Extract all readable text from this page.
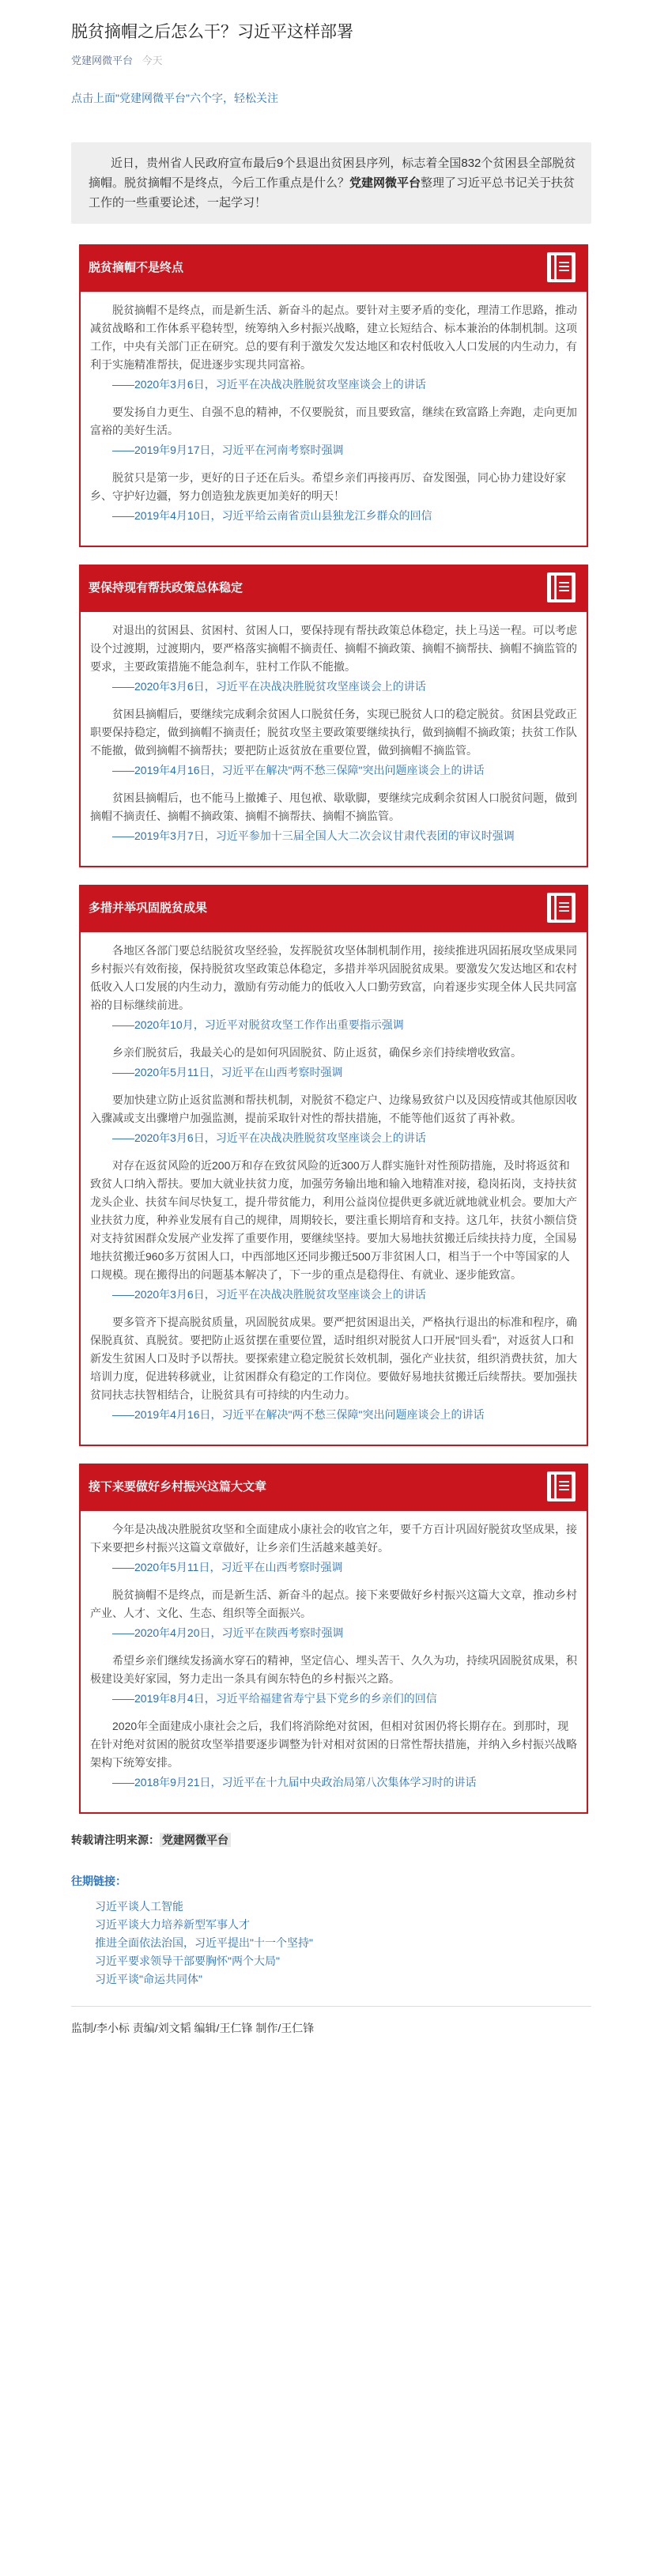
脱贫摘帽之后怎么干？习近平这样部署
党建网微平台 今天
点击上面"党建网微平台"六个字，轻松关注
近日，贵州省人民政府宣布最后9个县退出贫困县序列，标志着全国832个贫困县全部脱贫摘帽。脱贫摘帽不是终点，今后工作重点是什么？党建网微平台整理了习近平总书记关于扶贫工作的一些重要论述，一起学习！
脱贫摘帽不是终点
脱贫摘帽不是终点，而是新生活、新奋斗的起点。要针对主要矛盾的变化，理清工作思路，推动减贫战略和工作体系平稳转型，统筹纳入乡村振兴战略，建立长短结合、标本兼治的体制机制。这项工作，中央有关部门正在研究。总的要有利于激发欠发达地区和农村低收入人口发展的内生动力，有利于实施精准帮扶，促进逐步实现共同富裕。
——2020年3月6日，习近平在决战决胜脱贫攻坚座谈会上的讲话
要发扬自力更生、自强不息的精神，不仅要脱贫，而且要致富，继续在致富路上奔跑，走向更加富裕的美好生活。
——2019年9月17日，习近平在河南考察时强调
脱贫只是第一步，更好的日子还在后头。希望乡亲们再接再厉、奋发图强，同心协力建设好家乡、守护好边疆，努力创造独龙族更加美好的明天！
——2019年4月10日，习近平给云南省贡山县独龙江乡群众的回信
要保持现有帮扶政策总体稳定
对退出的贫困县、贫困村、贫困人口，要保持现有帮扶政策总体稳定，扶上马送一程。可以考虑设个过渡期，过渡期内，要严格落实摘帽不摘责任、摘帽不摘政策、摘帽不摘帮扶、摘帽不摘监管的要求，主要政策措施不能急刹车，驻村工作队不能撤。
——2020年3月6日，习近平在决战决胜脱贫攻坚座谈会上的讲话
贫困县摘帽后，要继续完成剩余贫困人口脱贫任务，实现已脱贫人口的稳定脱贫。贫困县党政正职要保持稳定，做到摘帽不摘责任；脱贫攻坚主要政策要继续执行，做到摘帽不摘政策；扶贫工作队不能撤，做到摘帽不摘帮扶；要把防止返贫放在重要位置，做到摘帽不摘监管。
——2019年4月16日，习近平在解决"两不愁三保障"突出问题座谈会上的讲话
贫困县摘帽后，也不能马上撤摊子、甩包袱、歇歇脚，要继续完成剩余贫困人口脱贫问题，做到摘帽不摘责任、摘帽不摘政策、摘帽不摘帮扶、摘帽不摘监管。
——2019年3月7日，习近平参加十三届全国人大二次会议甘肃代表团的审议时强调
多措并举巩固脱贫成果
各地区各部门要总结脱贫攻坚经验，发挥脱贫攻坚体制机制作用，接续推进巩固拓展攻坚成果同乡村振兴有效衔接，保持脱贫攻坚政策总体稳定，多措并举巩固脱贫成果。要激发欠发达地区和农村低收入人口发展的内生动力，激励有劳动能力的低收入人口勤劳致富，向着逐步实现全体人民共同富裕的目标继续前进。
——2020年10月，习近平对脱贫攻坚工作作出重要指示强调
乡亲们脱贫后，我最关心的是如何巩固脱贫、防止返贫，确保乡亲们持续增收致富。
——2020年5月11日，习近平在山西考察时强调
要加快建立防止返贫监测和帮扶机制，对脱贫不稳定户、边缘易致贫户以及因疫情或其他原因收入骤减或支出骤增户加强监测，提前采取针对性的帮扶措施，不能等他们返贫了再补救。
——2020年3月6日，习近平在决战决胜脱贫攻坚座谈会上的讲话
对存在返贫风险的近200万和存在致贫风险的近300万人群实施针对性预防措施，及时将返贫和致贫人口纳入帮扶。要加大就业扶贫力度，加强劳务输出地和输入地精准对接，稳岗拓岗，支持扶贫龙头企业、扶贫车间尽快复工，提升带贫能力，利用公益岗位提供更多就近就地就业机会。要加大产业扶贫力度，种养业发展有自己的规律，周期较长，要注重长期培育和支持。这几年，扶贫小额信贷对支持贫困群众发展产业发挥了重要作用，要继续坚持。要加大易地扶贫搬迁后续扶持力度，全国易地扶贫搬迁960多万贫困人口，中西部地区还同步搬迁500万非贫困人口，相当于一个中等国家的人口规模。现在搬得出的问题基本解决了，下一步的重点是稳得住、有就业、逐步能致富。
——2020年3月6日，习近平在决战决胜脱贫攻坚座谈会上的讲话
要多管齐下提高脱贫质量，巩固脱贫成果。要严把贫困退出关，严格执行退出的标准和程序，确保脱真贫、真脱贫。要把防止返贫摆在重要位置，适时组织对脱贫人口开展"回头看"，对返贫人口和新发生贫困人口及时予以帮扶。要探索建立稳定脱贫长效机制，强化产业扶贫，组织消费扶贫，加大培训力度，促进转移就业，让贫困群众有稳定的工作岗位。要做好易地扶贫搬迁后续帮扶。要加强扶贫同扶志扶智相结合，让脱贫具有可持续的内生动力。
——2019年4月16日，习近平在解决"两不愁三保障"突出问题座谈会上的讲话
接下来要做好乡村振兴这篇大文章
今年是决战决胜脱贫攻坚和全面建成小康社会的收官之年，要千方百计巩固好脱贫攻坚成果，接下来要把乡村振兴这篇文章做好，让乡亲们生活越来越美好。
——2020年5月11日，习近平在山西考察时强调
脱贫摘帽不是终点，而是新生活、新奋斗的起点。接下来要做好乡村振兴这篇大文章，推动乡村产业、人才、文化、生态、组织等全面振兴。
——2020年4月20日，习近平在陕西考察时强调
希望乡亲们继续发扬滴水穿石的精神，坚定信心、埋头苦干、久久为功，持续巩固脱贫成果，积极建设美好家园，努力走出一条具有闽东特色的乡村振兴之路。
——2019年8月4日，习近平给福建省寿宁县下党乡的乡亲们的回信
2020年全面建成小康社会之后，我们将消除绝对贫困，但相对贫困仍将长期存在。到那时，现在针对绝对贫困的脱贫攻坚举措要逐步调整为针对相对贫困的日常性帮扶措施，并纳入乡村振兴战略架构下统筹安排。
——2018年9月21日，习近平在十九届中央政治局第八次集体学习时的讲话
转载请注明来源： 党建网微平台
往期链接：
习近平谈人工智能
习近平谈大力培养新型军事人才
推进全面依法治国，习近平提出"十一个坚持"
习近平要求领导干部要胸怀"两个大局"
习近平谈"命运共同体"
监制/李小标 责编/刘文韬 编辑/王仁锋 制作/王仁锋
